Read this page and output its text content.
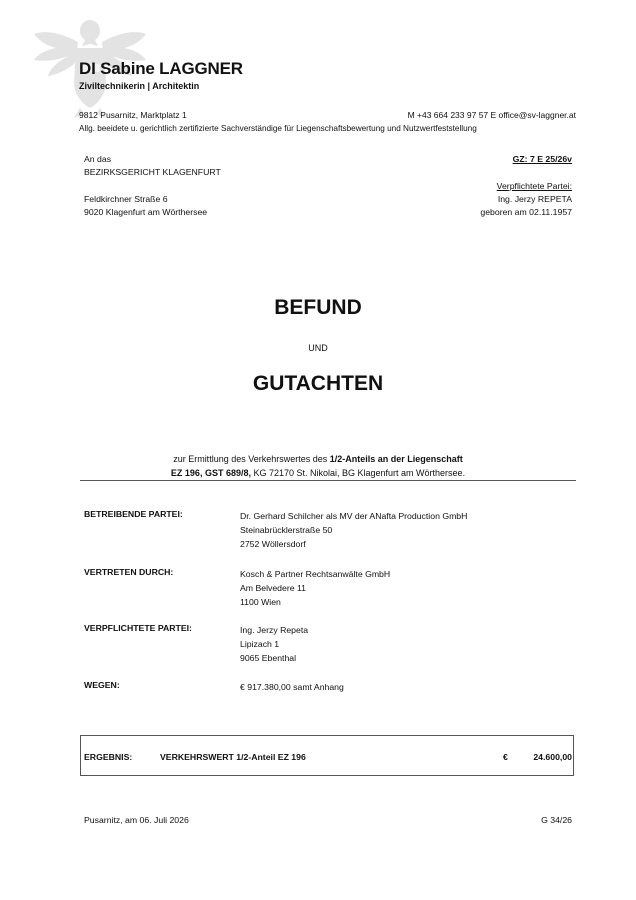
DI Sabine LAGGNER
Ziviltechnikerin | Architektin
9812 Pusarnitz, Marktplatz 1	M +43 664 233 97 57 E office@sv-laggner.at
Allg. beeidete u. gerichtlich zertifizierte Sachverständige für Liegenschaftsbewertung und Nutzwertfeststellung
An das
BEZIRKSGERICHT KLAGENFURT
Feldkirchner Straße 6
9020 Klagenfurt am Wörthersee
GZ: 7 E 25/26v
Verpflichtete Partei:
Ing. Jerzy REPETA
geboren am 02.11.1957
BEFUND
UND
GUTACHTEN
zur Ermittlung des Verkehrswertes des 1/2-Anteils an der Liegenschaft
EZ 196, GST 689/8, KG 72170 St. Nikolai, BG Klagenfurt am Wörthersee.
BETREIBENDE PARTEI:	Dr. Gerhard Schilcher als MV der ANafta Production GmbH
Steinabrücklerstraße 50
2752 Wöllersdorf
VERTRETEN DURCH:	Kosch & Partner Rechtsanwälte GmbH
Am Belvedere 11
1100 Wien
VERPFLICHTETE PARTEI:	Ing. Jerzy Repeta
Lipizach 1
9065 Ebenthal
WEGEN:	€ 917.380,00 samt Anhang
ERGEBNIS:	VERKEHRSWERT 1/2-Anteil EZ 196	€	24.600,00
Pusarnitz, am 06. Juli 2026	G 34/26
